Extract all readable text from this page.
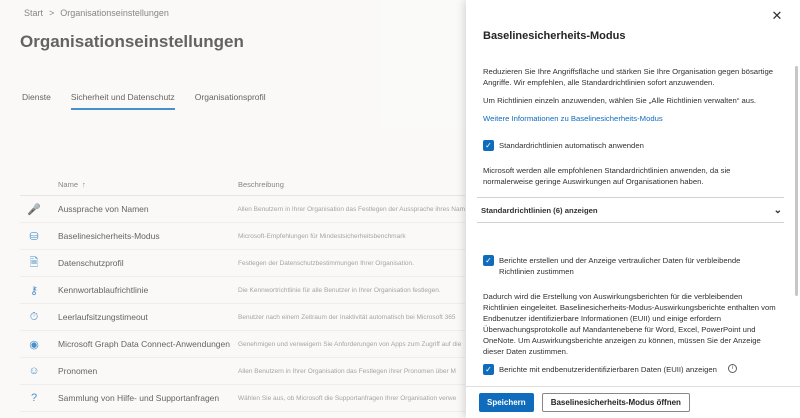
Start > Organisationseinstellungen
Organisationseinstellungen
Dienste Sicherheit und Datenschutz Organisationsprofil
Name ↑	Beschreibung
🎤	Aussprache von Namen	Allen Benutzern in Ihrer Organisation das Festlegen der Aussprache ihres Nam
⛁	Baselinesicherheits-Modus	Microsoft-Empfehlungen für Mindestsicherheitsbenchmark
🗎	Datenschutzprofil	Festlegen der Datenschutzbestimmungen Ihrer Organisation.
⚷	Kennwortablaufrichtlinie	Die Kennwortrichtlinie für alle Benutzer in Ihrer Organisation festlegen.
⏱	Leerlaufsitzungstimeout	Benutzer nach einem Zeitraum der Inaktivität automatisch bei Microsoft 365
◉	Microsoft Graph Data Connect-Anwendungen	Genehmigen und verweigern Sie Anforderungen von Apps zum Zugriff auf die
☺	Pronomen	Allen Benutzern in Ihrer Organisation das Festlegen ihrer Pronomen über M
?	Sammlung von Hilfe- und Supportanfragen	Wählen Sie aus, ob Microsoft die Supportanfragen Ihrer Organisation verwe
✕
Baselinesicherheits-Modus

Reduzieren Sie Ihre Angriffsfläche und stärken Sie Ihre Organisation gegen bösartige Angriffe. Wir empfehlen, alle Standardrichtlinien sofort anzuwenden.

Um Richtlinien einzeln anzuwenden, wählen Sie „Alle Richtlinien verwalten“ aus.

Weitere Informationen zu Baselinesicherheits-Modus
✓ Standardrichtlinien automatisch anwenden

Microsoft werden alle empfohlenen Standardrichtlinien anwenden, da sie normalerweise geringe Auswirkungen auf Organisationen haben.

Standardrichtlinien (6) anzeigen	⌄
✓ Berichte erstellen und der Anzeige vertraulicher Daten für verbleibende Richtlinien zustimmen

Dadurch wird die Erstellung von Auswirkungsberichten für die verbleibenden Richtlinien eingeleitet. Baselinesicherheits-Modus-Auswirkungsberichte enthalten vom Endbenutzer identifizierbare Informationen (EUII) und einige erfordern Überwachungsprotokolle auf Mandantenebene für Word, Excel, PowerPoint und OneNote. Um Auswirkungsberichte anzeigen zu können, müssen Sie der Anzeige dieser Daten zustimmen.

✓ Berichte mit endbenutzeridentifizierbaren Daten (EUII) anzeigen	i
Speichern	Baselinesicherheits-Modus öffnen
